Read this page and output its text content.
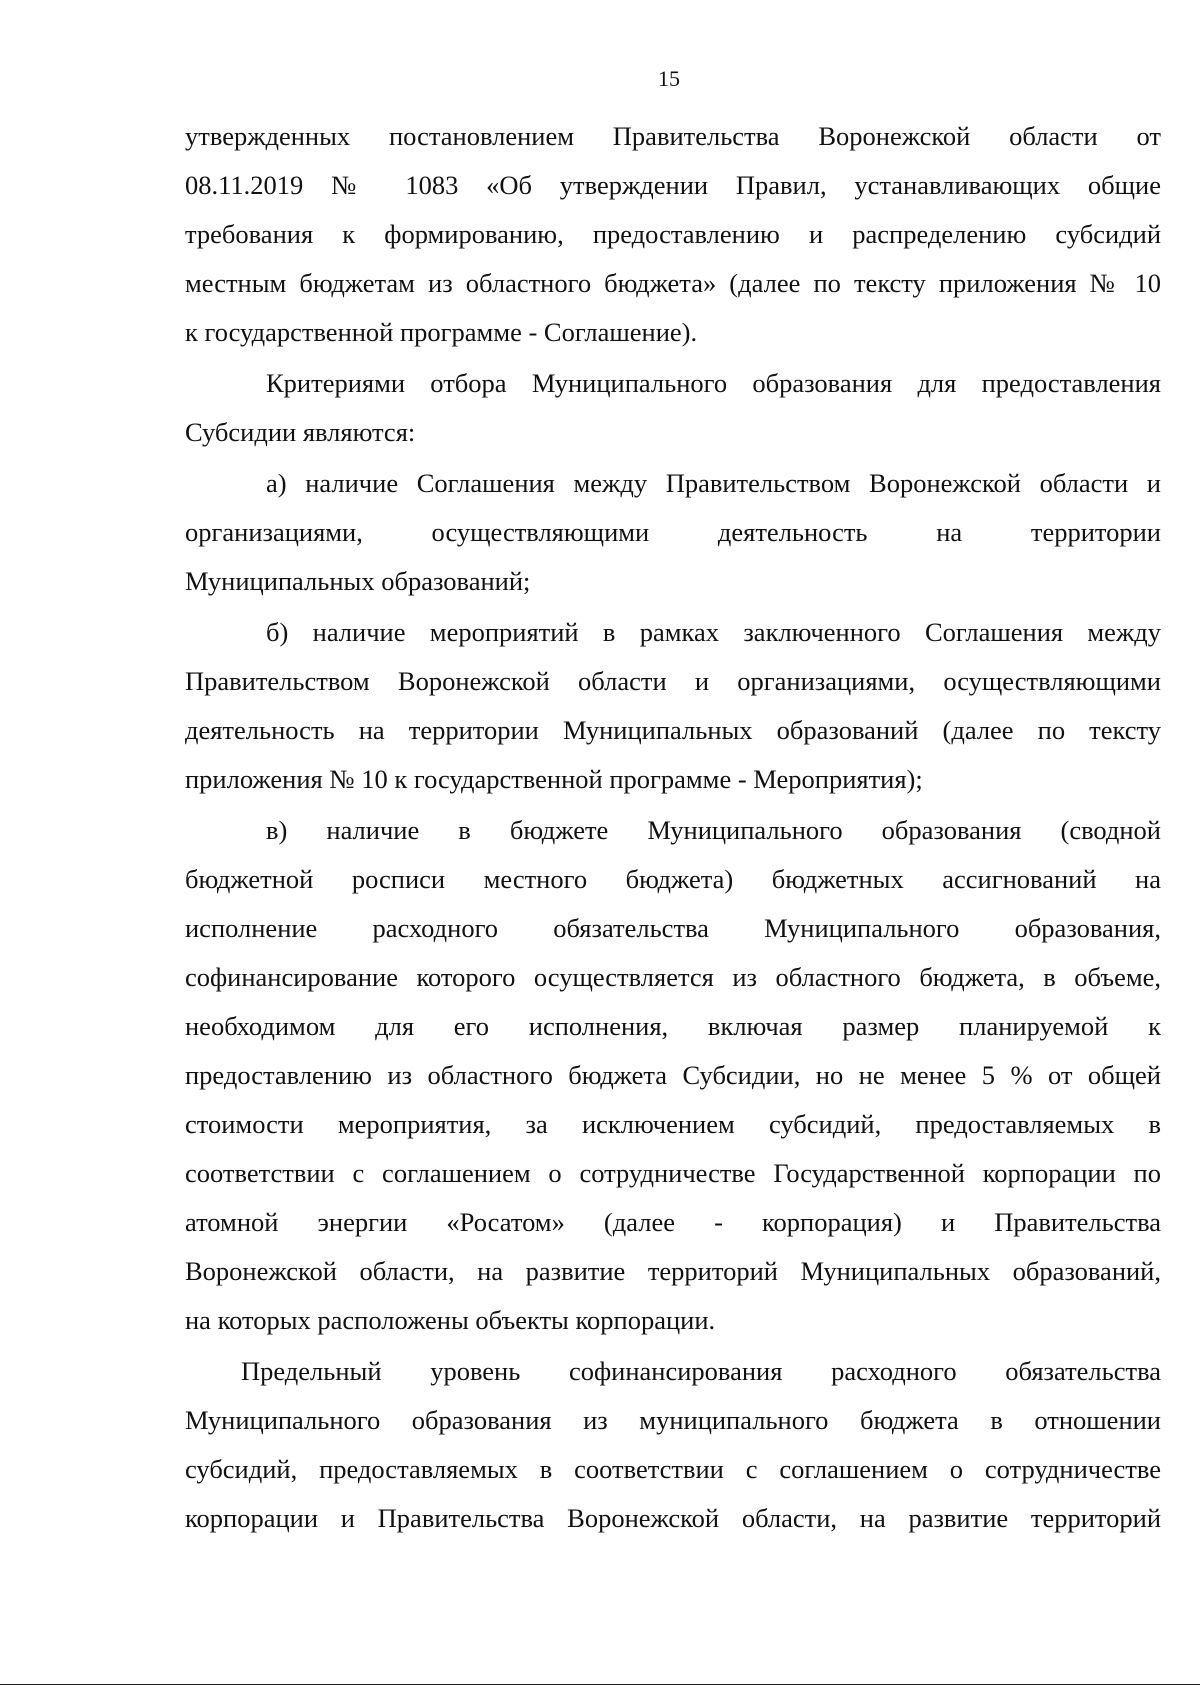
15
утвержденных постановлением Правительства Воронежской области от
08.11.2019 № 1083 «Об утверждении Правил, устанавливающих общие
требования к формированию, предоставлению и распределению субсидий
местным бюджетам из областного бюджета» (далее по тексту приложения № 10
к государственной программе - Соглашение).
Критериями отбора Муниципального образования для предоставления
Субсидии являются:
а) наличие Соглашения между Правительством Воронежской области и
организациями, осуществляющими деятельность на территории
Муниципальных образований;
б) наличие мероприятий в рамках заключенного Соглашения между
Правительством Воронежской области и организациями, осуществляющими
деятельность на территории Муниципальных образований (далее по тексту
приложения № 10 к государственной программе - Мероприятия);
в) наличие в бюджете Муниципального образования (сводной
бюджетной росписи местного бюджета) бюджетных ассигнований на
исполнение расходного обязательства Муниципального образования,
софинансирование которого осуществляется из областного бюджета, в объеме,
необходимом для его исполнения, включая размер планируемой к
предоставлению из областного бюджета Субсидии, но не менее 5 % от общей
стоимости мероприятия, за исключением субсидий, предоставляемых в
соответствии с соглашением о сотрудничестве Государственной корпорации по
атомной энергии «Росатом» (далее - корпорация) и Правительства
Воронежской области, на развитие территорий Муниципальных образований,
на которых расположены объекты корпорации.
Предельный уровень софинансирования расходного обязательства
Муниципального образования из муниципального бюджета в отношении
субсидий, предоставляемых в соответствии с соглашением о сотрудничестве
корпорации и Правительства Воронежской области, на развитие территорий
